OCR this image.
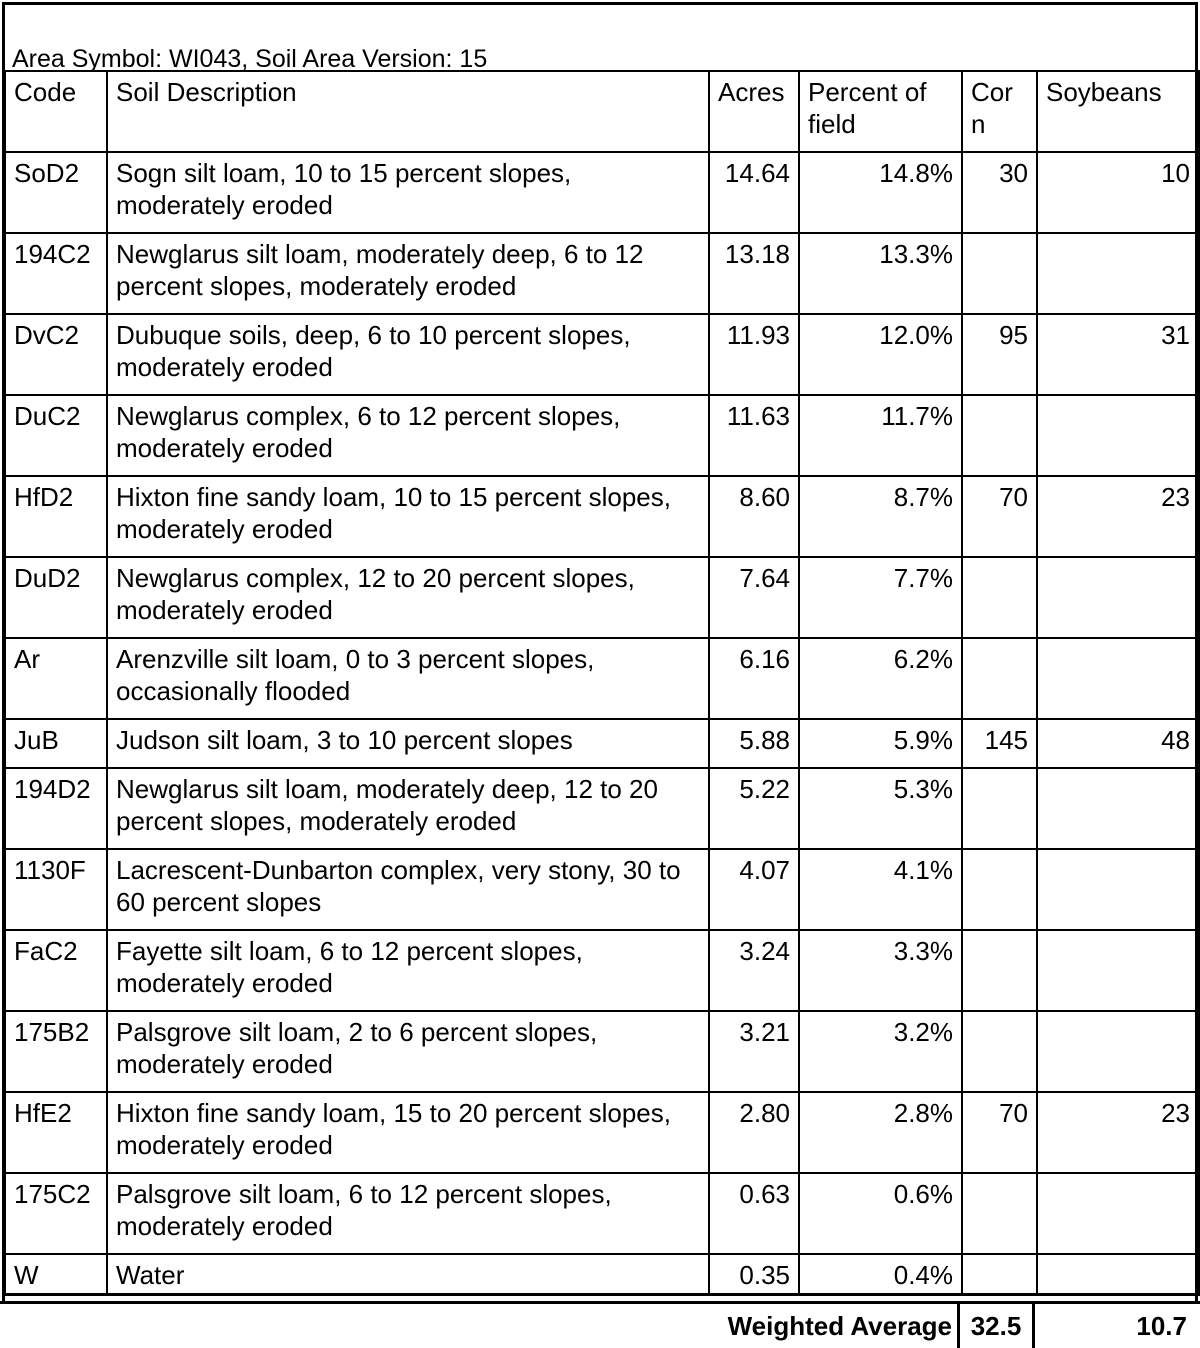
Area Symbol: WI043, Soil Area Version: 15
Code	Soil Description	Acres	Percent of field	Cor n	Soybeans
SoD2	Sogn silt loam, 10 to 15 percent slopes, moderately eroded	14.64	14.8%	30	10
194C2	Newglarus silt loam, moderately deep, 6 to 12 percent slopes, moderately eroded	13.18	13.3%		
DvC2	Dubuque soils, deep, 6 to 10 percent slopes, moderately eroded	11.93	12.0%	95	31
DuC2	Newglarus complex, 6 to 12 percent slopes, moderately eroded	11.63	11.7%		
HfD2	Hixton fine sandy loam, 10 to 15 percent slopes, moderately eroded	8.60	8.7%	70	23
DuD2	Newglarus complex, 12 to 20 percent slopes, moderately eroded	7.64	7.7%		
Ar	Arenzville silt loam, 0 to 3 percent slopes, occasionally flooded	6.16	6.2%		
JuB	Judson silt loam, 3 to 10 percent slopes	5.88	5.9%	145	48
194D2	Newglarus silt loam, moderately deep, 12 to 20 percent slopes, moderately eroded	5.22	5.3%		
1130F	Lacrescent-Dunbarton complex, very stony, 30 to 60 percent slopes	4.07	4.1%		
FaC2	Fayette silt loam, 6 to 12 percent slopes, moderately eroded	3.24	3.3%		
175B2	Palsgrove silt loam, 2 to 6 percent slopes, moderately eroded	3.21	3.2%		
HfE2	Hixton fine sandy loam, 15 to 20 percent slopes, moderately eroded	2.80	2.8%	70	23
175C2	Palsgrove silt loam, 6 to 12 percent slopes, moderately eroded	0.63	0.6%		
W	Water	0.35	0.4%		
Weighted Average 32.5	10.7
